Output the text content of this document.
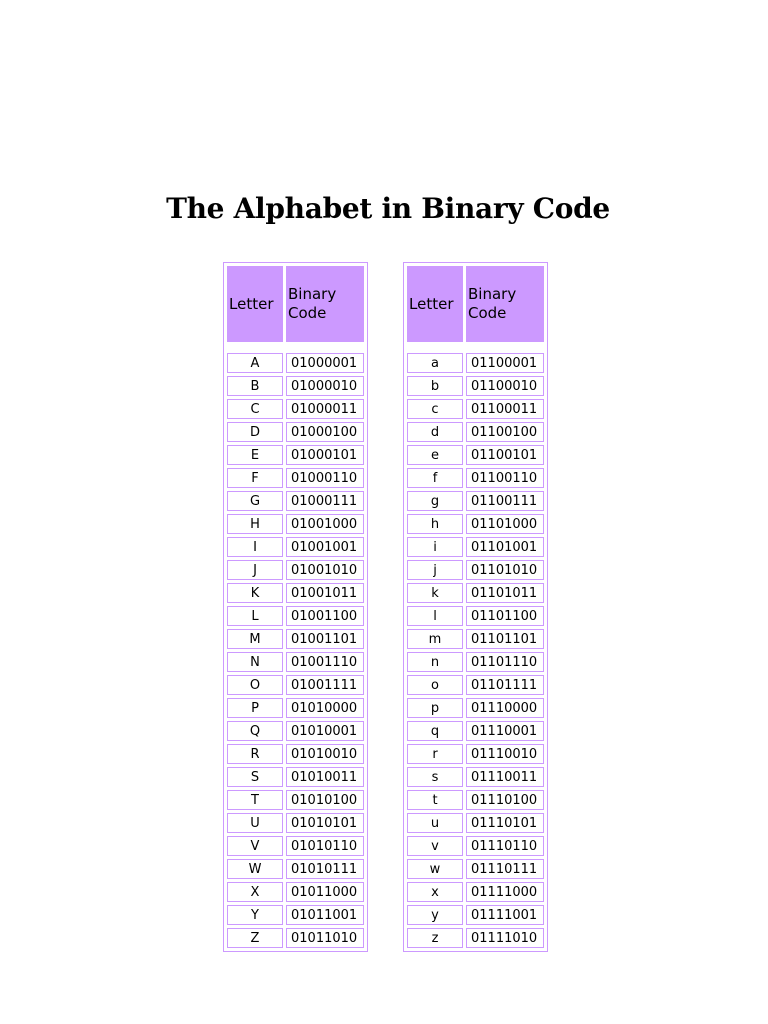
The Alphabet in Binary Code
Letter	Binary
Code

A	01000001
B	01000010
C	01000011
D	01000100
E	01000101
F	01000110
G	01000111
H	01001000
I	01001001
J	01001010
K	01001011
L	01001100
M	01001101
N	01001110
O	01001111
P	01010000
Q	01010001
R	01010010
S	01010011
T	01010100
U	01010101
V	01010110
W	01010111
X	01011000
Y	01011001
Z	01011010
Letter	Binary
Code

a	01100001
b	01100010
c	01100011
d	01100100
e	01100101
f	01100110
g	01100111
h	01101000
i	01101001
j	01101010
k	01101011
l	01101100
m	01101101
n	01101110
o	01101111
p	01110000
q	01110001
r	01110010
s	01110011
t	01110100
u	01110101
v	01110110
w	01110111
x	01111000
y	01111001
z	01111010
